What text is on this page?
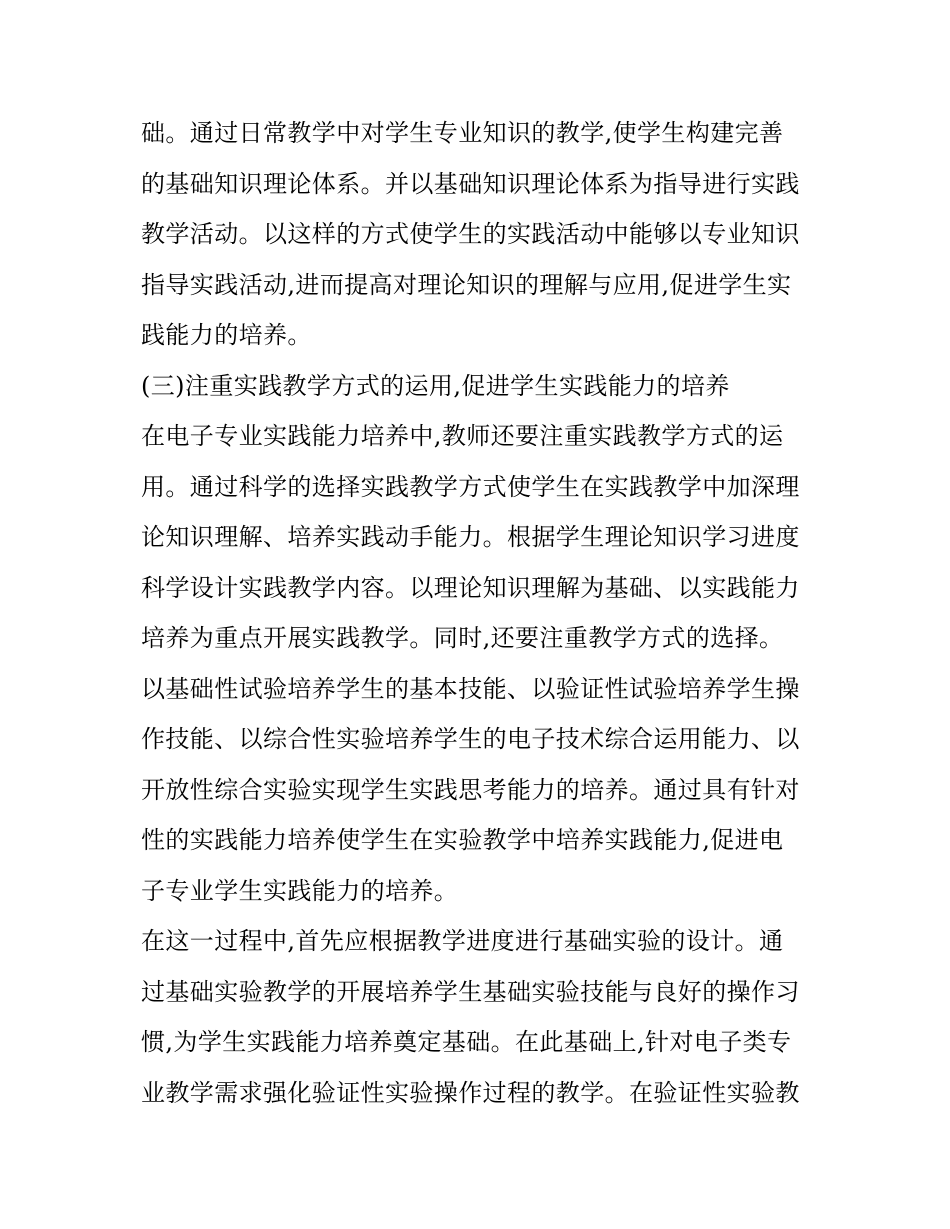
础。通过日常教学中对学生专业知识的教学,使学生构建完善
的基础知识理论体系。并以基础知识理论体系为指导进行实践
教学活动。以这样的方式使学生的实践活动中能够以专业知识
指导实践活动,进而提高对理论知识的理解与应用,促进学生实
践能力的培养。
(三)注重实践教学方式的运用,促进学生实践能力的培养
在电子专业实践能力培养中,教师还要注重实践教学方式的运
用。通过科学的选择实践教学方式使学生在实践教学中加深理
论知识理解、培养实践动手能力。根据学生理论知识学习进度
科学设计实践教学内容。以理论知识理解为基础、以实践能力
培养为重点开展实践教学。同时,还要注重教学方式的选择。
以基础性试验培养学生的基本技能、以验证性试验培养学生操
作技能、以综合性实验培养学生的电子技术综合运用能力、以
开放性综合实验实现学生实践思考能力的培养。通过具有针对
性的实践能力培养使学生在实验教学中培养实践能力,促进电
子专业学生实践能力的培养。
在这一过程中,首先应根据教学进度进行基础实验的设计。通
过基础实验教学的开展培养学生基础实验技能与良好的操作习
惯,为学生实践能力培养奠定基础。在此基础上,针对电子类专
业教学需求强化验证性实验操作过程的教学。在验证性实验教
